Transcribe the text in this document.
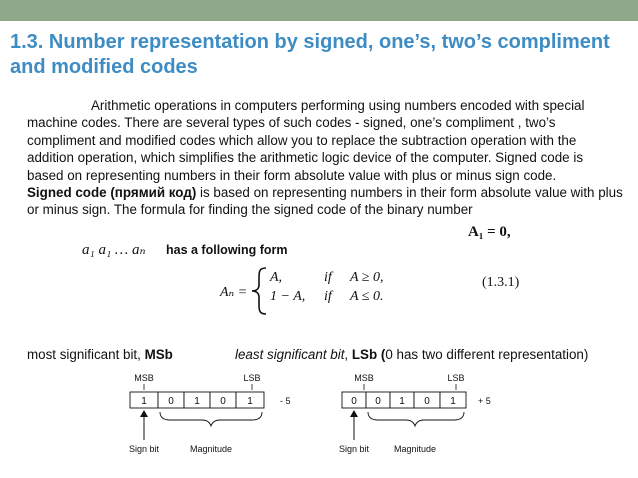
1.3. Number representation by signed, one’s, two’s compliment and modified codes

Arithmetic operations in computers performing using numbers encoded with special machine codes. There are several types of such codes - signed, one’s compliment , two’s compliment and modified codes which allow you to replace the subtraction operation with the addition operation, which simplifies the arithmetic logic device of the computer. Signed code is based on representing numbers in their form absolute value with plus or minus sign code.

Signed code (прямий код) is based on representing numbers in their form absolute value with plus or minus sign. The formula for finding the signed code of the binary number

a₁ a₁ … aₙ has a following form
A₁ = 0,
Aₙ =
A,	if A ≥ 0,
1 − A, if A ≤ 0.
(1.3.1)
most significant bit, MSb	least significant bit, LSb (0 has two different representation)
MSB	LSB
1 0 1 0 1	- 5
Sign bit	Magnitude
MSB	LSB
0 0 1 0 1 + 5
Sign bit	Magnitude
